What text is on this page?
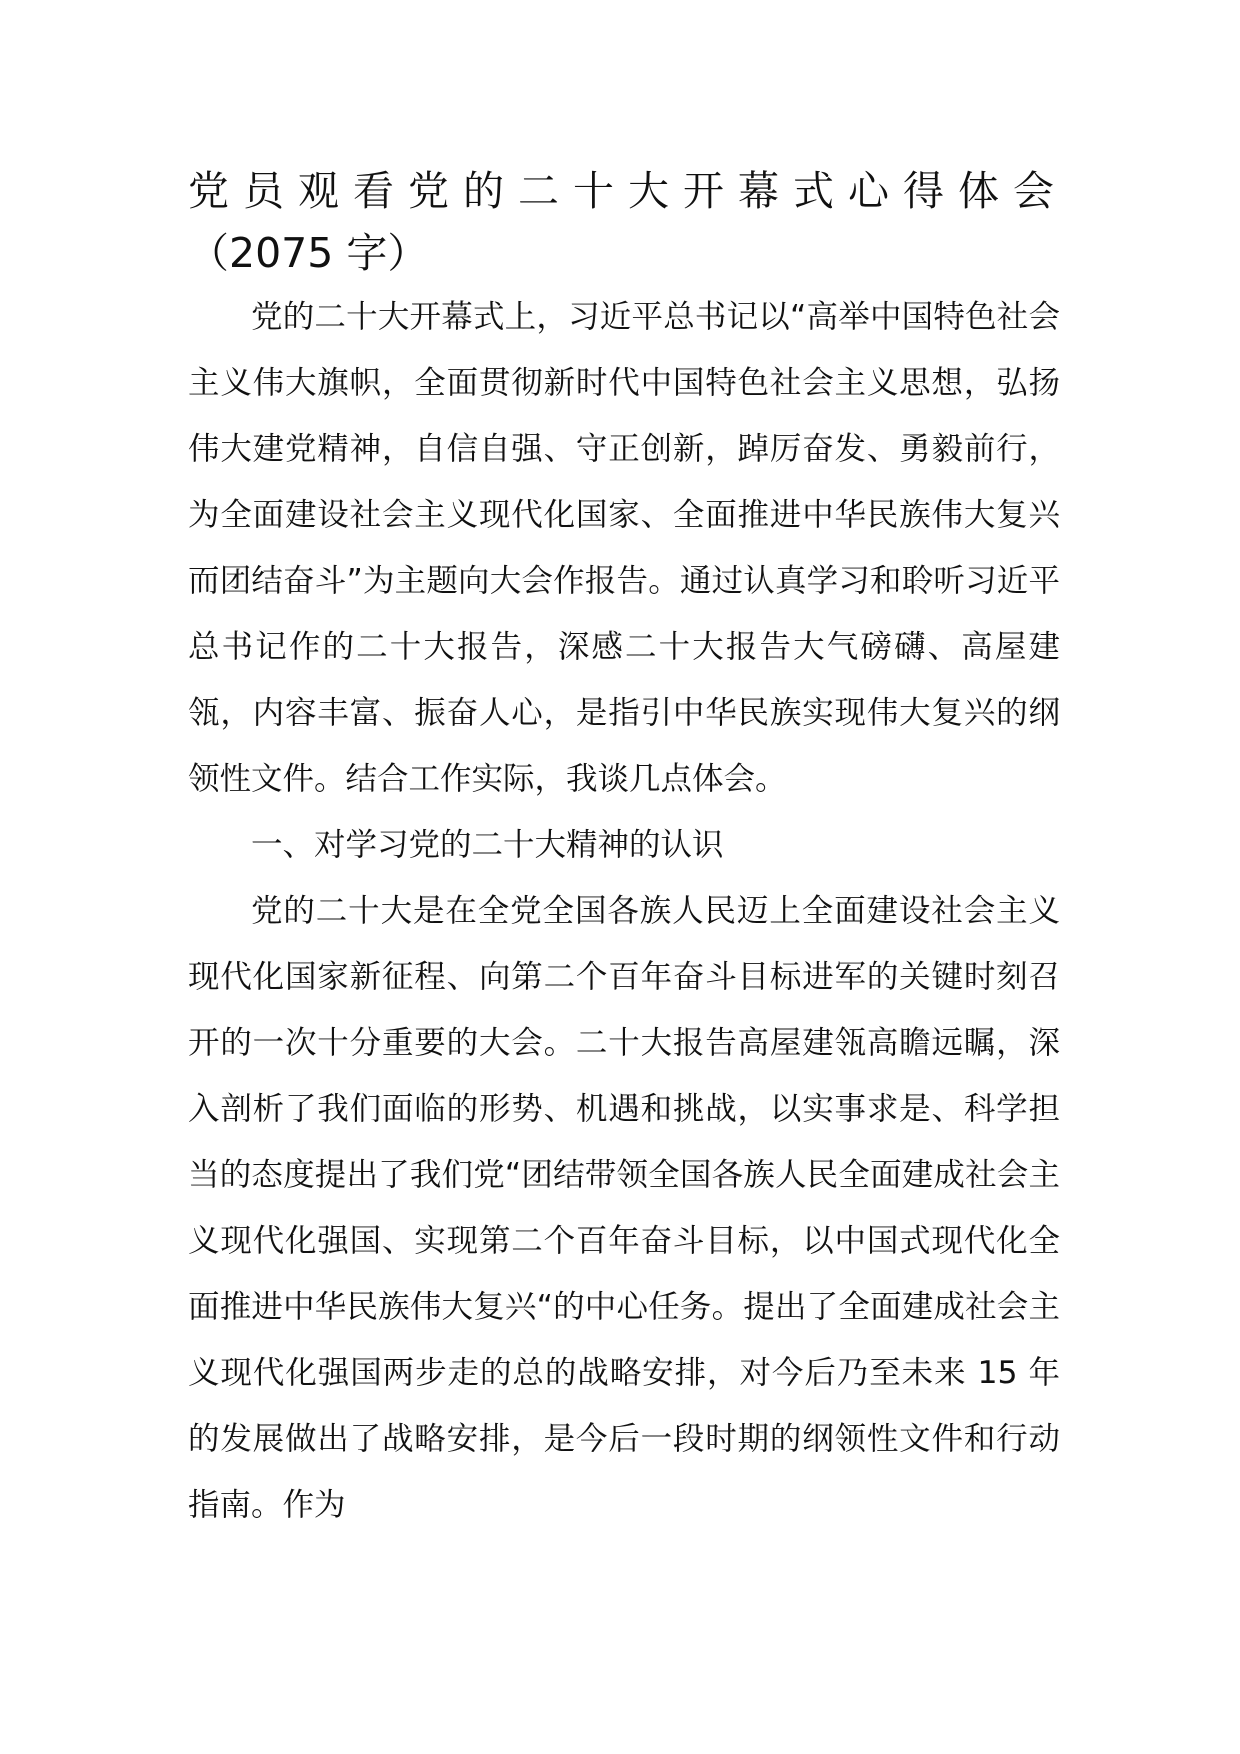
党员观看党的二十大开幕式心得体会
（2075 字）

党的二十大开幕式上，习近平总书记以“高举中国特色社会主义伟大旗帜，全面贯彻新时代中国特色社会主义思想，弘扬伟大建党精神，自信自强、守正创新，踔厉奋发、勇毅前行，为全面建设社会主义现代化国家、全面推进中华民族伟大复兴而团结奋斗”为主题向大会作报告。通过认真学习和聆听习近平总书记作的二十大报告，深感二十大报告大气磅礴、高屋建瓴，内容丰富、振奋人心，是指引中华民族实现伟大复兴的纲领性文件。结合工作实际，我谈几点体会。

一、对学习党的二十大精神的认识

党的二十大是在全党全国各族人民迈上全面建设社会主义现代化国家新征程、向第二个百年奋斗目标进军的关键时刻召开的一次十分重要的大会。二十大报告高屋建瓴高瞻远瞩，深入剖析了我们面临的形势、机遇和挑战，以实事求是、科学担当的态度提出了我们党“团结带领全国各族人民全面建成社会主义现代化强国、实现第二个百年奋斗目标，以中国式现代化全面推进中华民族伟大复兴“的中心任务。提出了全面建成社会主义现代化强国两步走的总的战略安排，对今后乃至未来 15 年的发展做出了战略安排，是今后一段时期的纲领性文件和行动指南。作为
